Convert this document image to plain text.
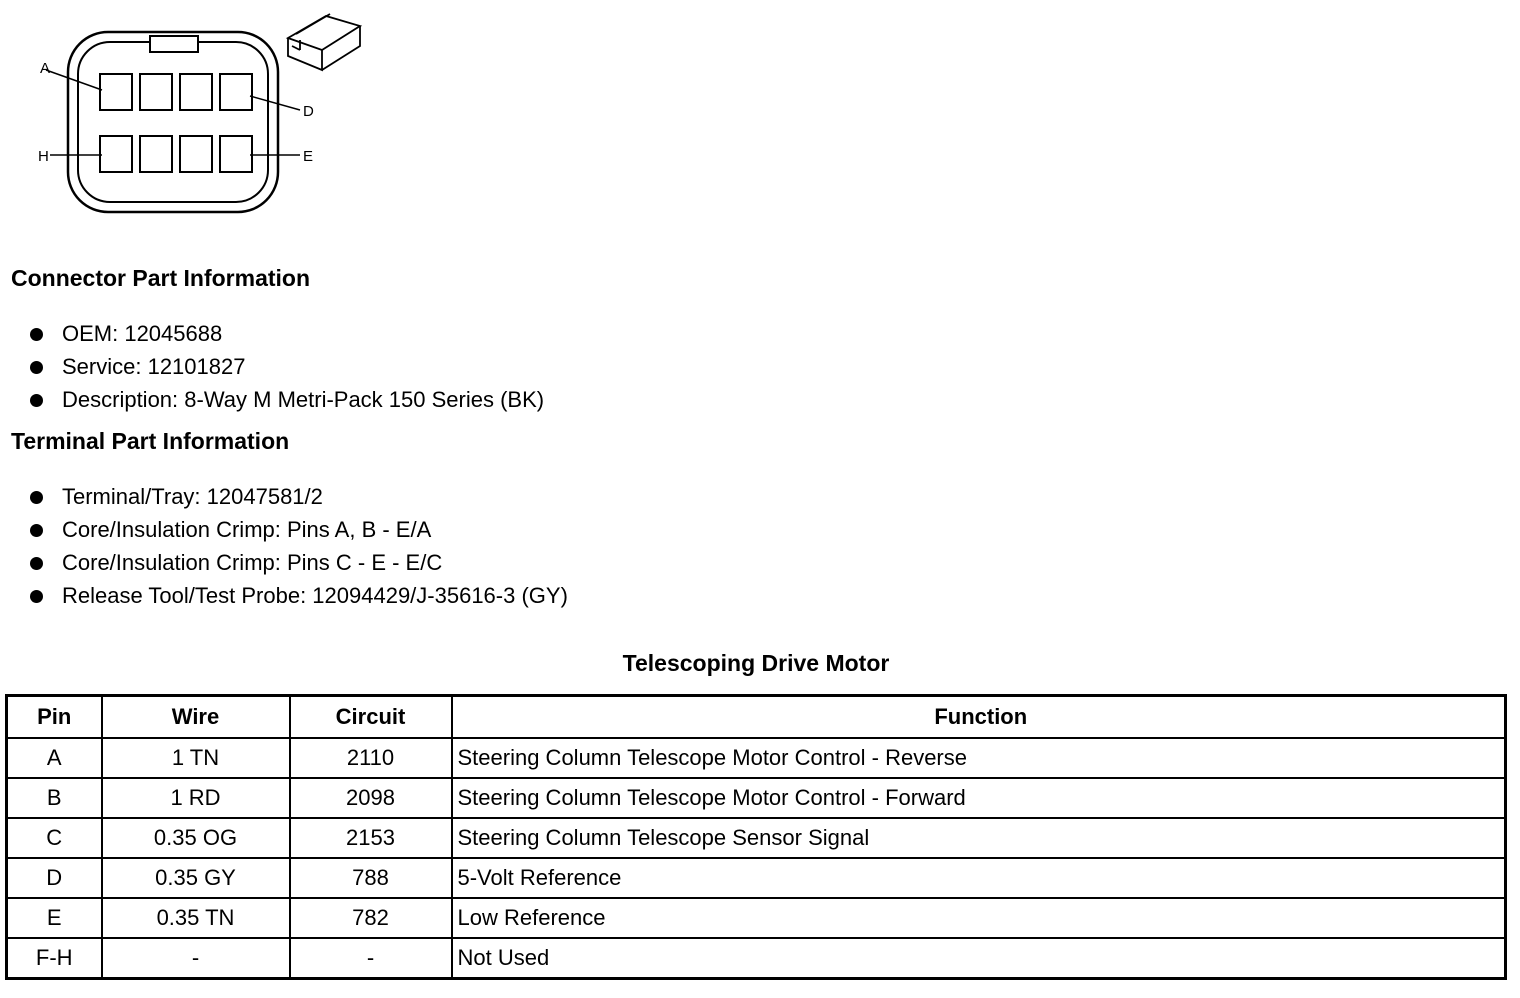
A
D
H	E
Connector Part Information
OEM: 12045688
Service: 12101827
Description: 8-Way M Metri-Pack 150 Series (BK)
Terminal Part Information
Terminal/Tray: 12047581/2
Core/Insulation Crimp: Pins A, B - E/A
Core/Insulation Crimp: Pins C - E - E/C
Release Tool/Test Probe: 12094429/J-35616-3 (GY)
Telescoping Drive Motor
Pin	Wire	Circuit	Function
A	1 TN	2110	Steering Column Telescope Motor Control - Reverse
B	1 RD	2098	Steering Column Telescope Motor Control - Forward
C	0.35 OG	2153	Steering Column Telescope Sensor Signal
D	0.35 GY	788	5-Volt Reference
E	0.35 TN	782	Low Reference
F-H	-	-	Not Used
